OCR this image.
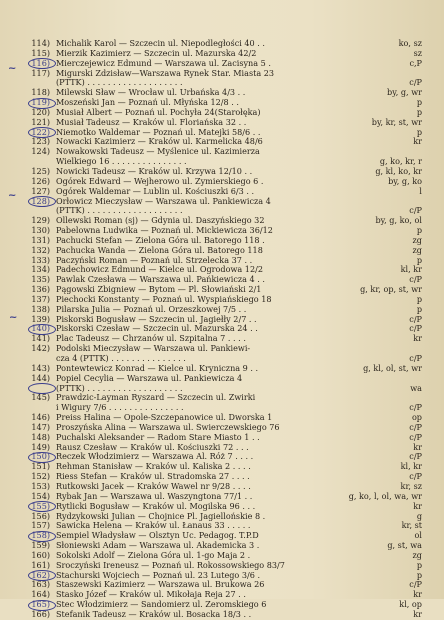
114) Michalik Karol — Szczecin ul. Niepodległości 40 . .	ko, sz
115) Mierzik Kazimierz — Szczecin ul. Mazurska 42/2	sz
116) Mierczejewicz Edmund — Warszawa ul. Zacisyna 5 .	c,P
117) Migurski Zdzisław—Warszawa Rynek Star. Miasta 23
(PTTK) . . . . . . . . . . . . . . . . . . .	c/P
118) Milewski Sław — Wrocław ul. Urbańska 4/3 . .	by, g, wr
119) Moszeński Jan — Poznań ul. Młyńska 12/8 . .	p
120) Musiał Albert — Poznań ul. Pochyła 24(Starołęka)	p
121) Musiał Tadeusz — Kraków ul. Floriańska 32 . .	by, kr, st, wr
122) Niemotko Waldemar — Poznań ul. Matejki 58/6 . .	p
123) Nowacki Kazimierz — Kraków ul. Karmelicka 48/6	kr
124) Nowakowski Tadeusz — Myślenice ul. Kazimierza
Wielkiego 16 . . . . . . . . . . . . . . .	g, ko, kr, r
125) Nowicki Tadeusz — Kraków ul. Krzywa 12/10 . .	g, kl, ko, kr
126) Ogórek Edward — Wejherowo ul. Zymierskiego 6 .	by, g, ko
127) Ogórek Waldemar — Lublin ul. Kościuszki 6/3 . .	l
128) Orłowicz Mieczysław — Warszawa ul. Pankiewicza 4
(PTTK) . . . . . . . . . . . . . . . . . . .	c/P
129) Ollewski Roman (sj) — Gdynia ul. Daszyńskiego 32	by, g, ko, ol
130) Pabelowna Ludwika — Poznań ul. Mickiewicza 36/12	p
131) Pachucki Stefan — Zielona Góra ul. Batorego 118 .	zg
132) Pachucka Wanda — Zielona Góra ul. Batorego 118	zg
133) Paczyński Roman — Poznań ul. Strzelecka 37 . .	p
134) Padechowicz Edmund — Kielce ul. Ogrodowa 12/2	kl, kr
135) Pawlak Czesława — Warszawa ul. Pańkiewicza 4 . .	c/P
136) Pągowski Zbigniew — Bytom — Pl. Słowiański 2/1	g, kr, op, st, wr
137) Piechocki Konstanty — Poznań ul. Wyspiańskiego 18	p
138) Pilarska Julia — Poznań ul. Orzeszkowej 7/5 . .	p
139) Piskorski Bogusław — Szczecin ul. Jagiełły 2/7 . .	c/P
140) Piskorski Czesław — Szczecin ul. Mazurska 24 . .	c/P
141) Plac Tadeusz — Chrzanów ul. Szpitalna 7 . . . .	kr
142) Podolski Mieczysław — Warszawa ul. Pankiewi-
cza 4 (PTTK) . . . . . . . . . . . . . . .	c/P
143) Pontewtewicz Konrad — Kielce ul. Kryniczna 9 . .	g, kl, ol, st, wr
144) Popiel Cecylia — Warszawa ul. Pankiewicza 4
(PTTK) . . . . . . . . . . . . . . . . . . .	wa
145) Prawdzic-Layman Ryszard — Szczecin ul. Żwirki
i Wigury 7/6 . . . . . . . . . . . . . . .	c/P
146) Preiss Halina — Opole-Szczepanowice ul. Dworska 1	op
147) Proszyńska Alina — Warszawa ul. Świerczewskiego 76	c/P
148) Puchalski Aleksander — Radom Stare Miasto 1 . .	c/P
149) Rausz Czesław — Kraków ul. Kościuszki 72 . . .	kr
150) Reczek Włodzimierz — Warszawa Al. Róż 7 . . . .	c/P
151) Rehman Stanisław — Kraków ul. Kaliska 2 . . . .	kl, kr
152) Riess Stefan — Kraków ul. Stradomska 27 . . . .	c/P
153) Rutkowski Jacek — Kraków Wawel nr 9/28 . . . .	kr, sz
154) Rybak Jan — Warszawa ul. Waszyngtona 77/1 . .	g, ko, l, ol, wa, wr
155) Rytlicki Bogusław — Kraków ul. Mogilska 96 . . .	kr
156) Rydzykowski Julian — Chojnice Pl. Jagiellońskie 8 .	g
157) Sawicka Helena — Kraków ul. Łanaus 33 . . . . .	kr, st
158) Sempiel Władysław — Olsztyn Uc. Pedagog. T.P.D	ol
159) Słoniewski Adam — Warszawa ul. Akademicka 3 .	g, st, wa
160) Sokolski Adolf — Zielona Góra ul. 1-go Maja 2 .	zg
161) Sroczyński Ireneusz — Poznań ul. Rokossowskiego 83/7	p
162) Stachurski Wojciech — Poznań ul. 23 Lutego 3/6 .	p
163) Staszewski Kazimierz — Warszawa ul. Brukowa 26	c/P
164) Stasko Józef — Kraków ul. Mikołaja Reja 27 . .	kr
165) Stec Włodzimierz — Sandomierz ul. Żeromskiego 6	kl, op
166) Stefanik Tadeusz — Kraków ul. Bosacka 18/3 . .	kr
~
~
~
